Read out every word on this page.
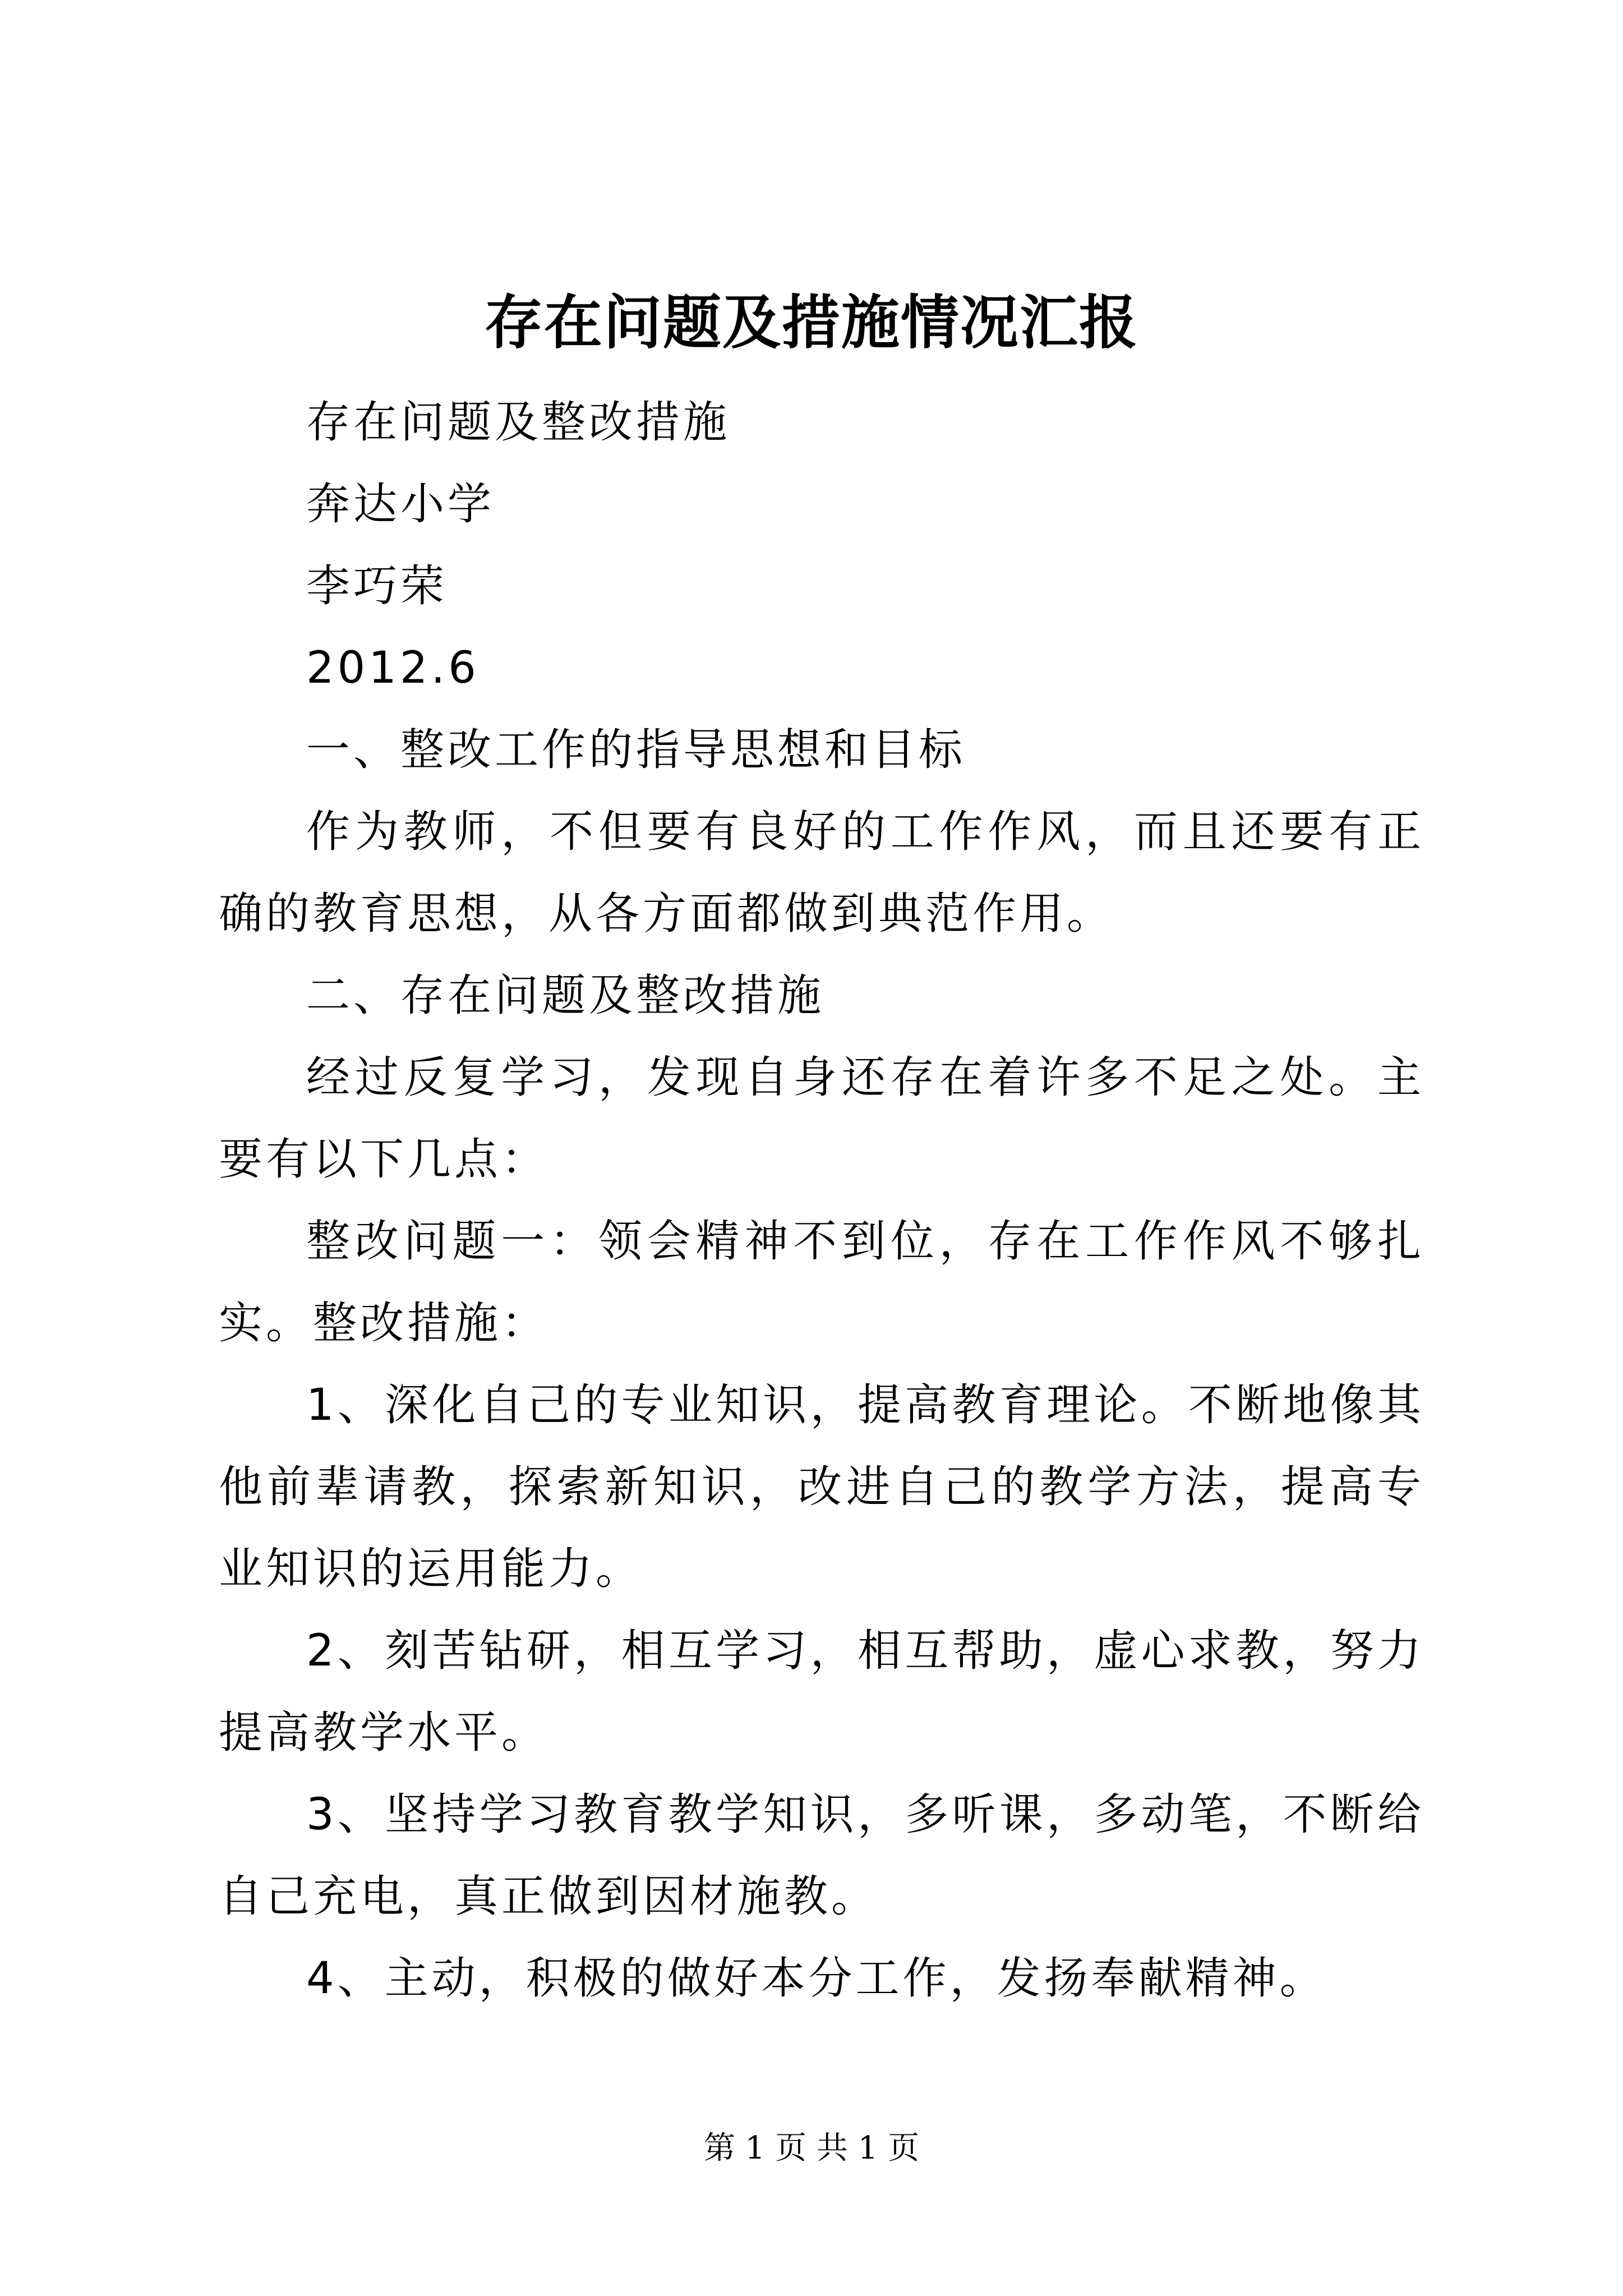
存在问题及措施情况汇报

存在问题及整改措施

奔达小学

李巧荣

2012.6

一、整改工作的指导思想和目标

作为教师，不但要有良好的工作作风，而且还要有正确的教育思想，从各方面都做到典范作用。

二、存在问题及整改措施

经过反复学习，发现自身还存在着许多不足之处。主要有以下几点：

整改问题一：领会精神不到位，存在工作作风不够扎实。整改措施：

1、深化自己的专业知识，提高教育理论。不断地像其他前辈请教，探索新知识，改进自己的教学方法，提高专业知识的运用能力。

2、刻苦钻研，相互学习，相互帮助，虚心求教，努力提高教学水平。

3、坚持学习教育教学知识，多听课，多动笔，不断给自己充电，真正做到因材施教。

4、主动，积极的做好本分工作，发扬奉献精神。

第 1 页 共 1 页
